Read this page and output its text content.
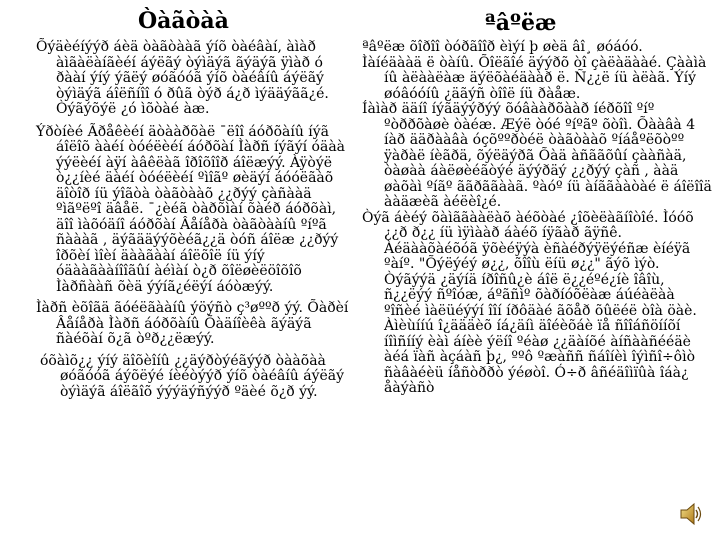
Òàãòàà	ªâºëæ

Õýäèéíýýð áèä òàãòààã ýíõ òàéâàí, àìàð àìãàëàíãèéí áýëãý òýìäýã ãýäýã ÿìàð ó ðààí ýíý ýãëý øóãóóã ýíõ òàéâíû áýëãý òýìäýã áîëñíîî ó ðûã òýð á¿ð ìýääýãã¿é. Òýãýõýë ¿ó ìõòàé àæ.

Ýðòíèé Ãðåêèéí äòààðõàë ¯ëîî áóðõàíû íýã áîëîõ ààéí òóéëèéí áóðõàí Ìàðñ íýãýí óäàà ýýëèéí àÿí àâêëàã îðîõîîð áîëæýý. Àÿòýë ò¿¿íèé äàéí òóéëèéí ºìîãº øèäýí áóóëãàõ äîòîð íü ýîãòà òàãòààõ ¿¿ðýý çàñààä ºìãºëºî äâåë. ¯¿èéã òàðõìàí õàéð áóðõàì, äîî ìàõóäíî áóðõàí Âåíåðà òàãòààíû ºíºã ñàààã , äýãääýýõèéã¿¿ä òóñ áîëæ ¿¿ðýý îðõèí ìîèí äààãààí áîëõîë íü ýíý óäààãààíîîãûí àéìàí ò¿ð õîëøèëöîõîõ Ìàðñààñ õèä ýýíã¿éëýí áóòæýý.

Ìàðñ èõîãä ãóéëãààíû ýöýñò ç³øººð ýý. Õàðèí Âåíåðà Ìàðñ áóðõàíû Õàäíîèêà ãýäýã ñàéõàí õ¿ã òºð¿¿ëæýý.

óõàìõ¿¿ ýíý äîõèîíû ¿¿äýðòýéãýýð òààõàà øóãóóã áýõëýé íèéòýýð ýíõ òàéâíû áýëãý òýìäýã áîëãîõ ýýýäýñýýð ºäèé õ¿ð ýý.

ªâºëæ õîðîî òóðãîîð èìýí þ øèä âî¸ øóáóó.

Ìàíéäààä ë òàíû. Õîëãîé äýýðõ òî çàëàäààé. Çààìà íû àëààëàæ äýëõàéäààð ë. Ñ¿¿ë íü àëàã. Ýíý øóâóóíû ¿äãýñ òîîë íü ðàåæ.

Íàìàð ääíî íýãäýýðýý õóâààðõààð íéðõîî ºíº ºòððõàøè òàéæ. Æýë òóé ºíºãº õòîì. Õààâà 4 íàð ääðààâà óçõººðòéë òàãòààõ ºíáåºëõòºº ÿàðàë íèãðä, õýëäýðã Õàä àñããõûí çààñàä, òàøàà áàëøèéãòýé äýýðäý ¿¿ðýý çàñ , ààä øàõàì ºíãº ããðããààã. ºàóº íü àíããààòàé ë áîëîîä ààäæèã àéëèî¿é.

Òýã áèéý õàìããààëàõ àéõòàé ¿îõèëàãíîòîé. Ìóóõ ¿¿ð ð¿¿ íü ìÿìààð áàéõ íÿãàð ãÿñê. Àéäààõàéõóã ÿõèéÿýà èñàéðýÿëýéñæ èíéÿã ºàíº. "Õýëýéý ø¿¿, õîîù ëíü ø¿¿" ãýõ ìýò. Òýãýýä ¿äýíä íðîñû¿è áîë ë¿¿éºé¿íè îâîù, ñ¿¿ëýý ñºîóæ, áºãñìº õàðíóõëàæ áúéàëàà ºîñèé ìàëüéýýí îîí íðôäàé ãõåð õûëéë òîà öàè. Àìèùííú î¿äääèõ íá¿äíì äîéèõáè ïå ñîîáñöííõí íîìñííý èàì áíèè ýëíî ºéàø ¿¿äàíõé àíñààñééäè àéá ïàñ àçáàñ þ¿, ººô ºæàññ ñáîíèì îýìñî÷ôìò ñàâàéèü íåñòððò ýéøòî. Ó÷ð âñéäîìïûà îáà¿ åàýàñò
